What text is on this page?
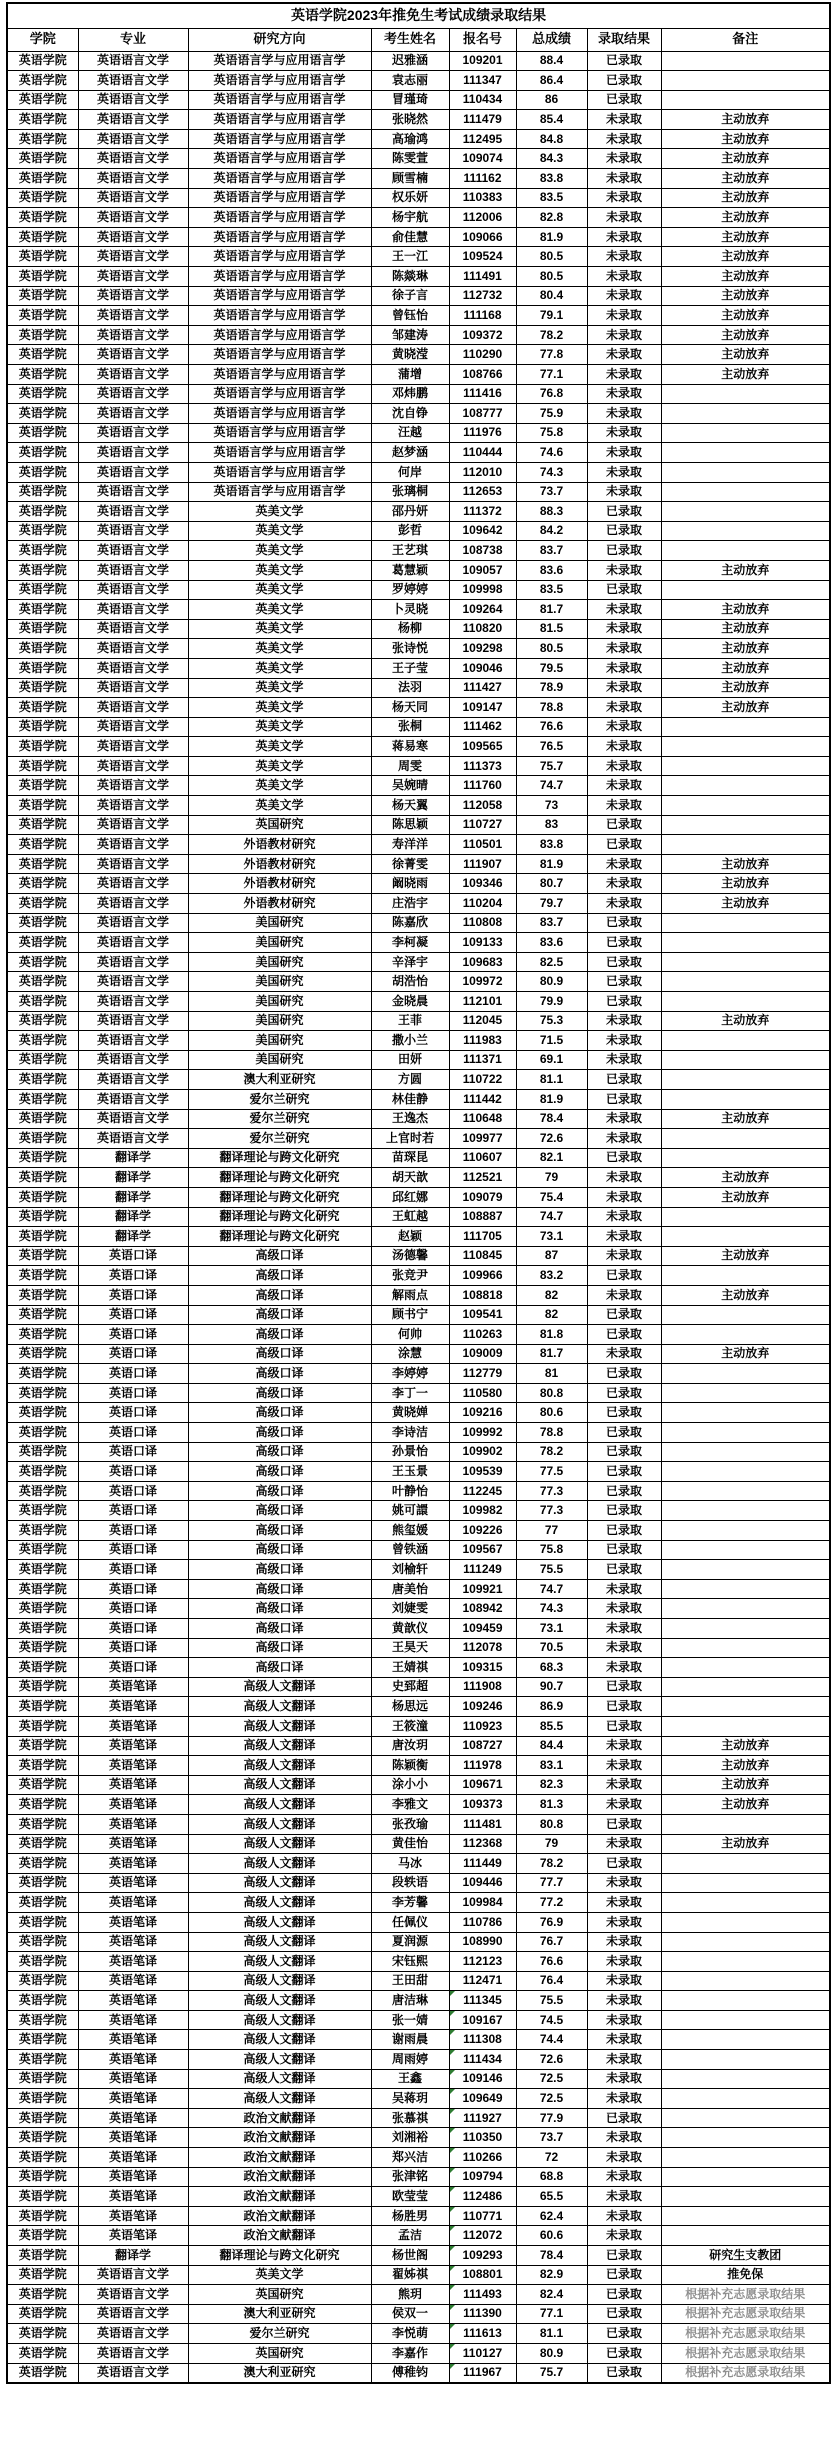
英语学院2023年推免生考试成绩录取结果							
学院	专业	研究方向	考生姓名	报名号	总成绩	录取结果	备注
英语学院	英语语言文学	英语语言学与应用语言学	迟雅涵	109201	88.4	已录取	
英语学院	英语语言文学	英语语言学与应用语言学	袁志丽	111347	86.4	已录取	
英语学院	英语语言文学	英语语言学与应用语言学	冒瑾琦	110434	86	已录取	
英语学院	英语语言文学	英语语言学与应用语言学	张晓然	111479	85.4	未录取	主动放弃
英语学院	英语语言文学	英语语言学与应用语言学	高瑜鸿	112495	84.8	未录取	主动放弃
英语学院	英语语言文学	英语语言学与应用语言学	陈雯萱	109074	84.3	未录取	主动放弃
英语学院	英语语言文学	英语语言学与应用语言学	顾雪楠	111162	83.8	未录取	主动放弃
英语学院	英语语言文学	英语语言学与应用语言学	权乐妍	110383	83.5	未录取	主动放弃
英语学院	英语语言文学	英语语言学与应用语言学	杨宇航	112006	82.8	未录取	主动放弃
英语学院	英语语言文学	英语语言学与应用语言学	俞佳慧	109066	81.9	未录取	主动放弃
英语学院	英语语言文学	英语语言学与应用语言学	王一江	109524	80.5	未录取	主动放弃
英语学院	英语语言文学	英语语言学与应用语言学	陈燚琳	111491	80.5	未录取	主动放弃
英语学院	英语语言文学	英语语言学与应用语言学	徐子言	112732	80.4	未录取	主动放弃
英语学院	英语语言文学	英语语言学与应用语言学	曾钰怡	111168	79.1	未录取	主动放弃
英语学院	英语语言文学	英语语言学与应用语言学	邹建涛	109372	78.2	未录取	主动放弃
英语学院	英语语言文学	英语语言学与应用语言学	黄晓滢	110290	77.8	未录取	主动放弃
英语学院	英语语言文学	英语语言学与应用语言学	蒲增	108766	77.1	未录取	主动放弃
英语学院	英语语言文学	英语语言学与应用语言学	邓炜鹏	111416	76.8	未录取	
英语学院	英语语言文学	英语语言学与应用语言学	沈自铮	108777	75.9	未录取	
英语学院	英语语言文学	英语语言学与应用语言学	汪越	111976	75.8	未录取	
英语学院	英语语言文学	英语语言学与应用语言学	赵梦涵	110444	74.6	未录取	
英语学院	英语语言文学	英语语言学与应用语言学	何岸	112010	74.3	未录取	
英语学院	英语语言文学	英语语言学与应用语言学	张璃桐	112653	73.7	未录取	
英语学院	英语语言文学	英美文学	邵丹妍	111372	88.3	已录取	
英语学院	英语语言文学	英美文学	彭哲	109642	84.2	已录取	
英语学院	英语语言文学	英美文学	王艺琪	108738	83.7	已录取	
英语学院	英语语言文学	英美文学	葛慧颖	109057	83.6	未录取	主动放弃
英语学院	英语语言文学	英美文学	罗婷婷	109998	83.5	已录取	
英语学院	英语语言文学	英美文学	卜灵晓	109264	81.7	未录取	主动放弃
英语学院	英语语言文学	英美文学	杨柳	110820	81.5	未录取	主动放弃
英语学院	英语语言文学	英美文学	张诗悦	109298	80.5	未录取	主动放弃
英语学院	英语语言文学	英美文学	王子莹	109046	79.5	未录取	主动放弃
英语学院	英语语言文学	英美文学	法羽	111427	78.9	未录取	主动放弃
英语学院	英语语言文学	英美文学	杨天同	109147	78.8	未录取	主动放弃
英语学院	英语语言文学	英美文学	张桐	111462	76.6	未录取	
英语学院	英语语言文学	英美文学	蒋易寒	109565	76.5	未录取	
英语学院	英语语言文学	英美文学	周雯	111373	75.7	未录取	
英语学院	英语语言文学	英美文学	吴婉晴	111760	74.7	未录取	
英语学院	英语语言文学	英美文学	杨天翼	112058	73	未录取	
英语学院	英语语言文学	英国研究	陈思颖	110727	83	已录取	
英语学院	英语语言文学	外语教材研究	寿洋洋	110501	83.8	已录取	
英语学院	英语语言文学	外语教材研究	徐菁雯	111907	81.9	未录取	主动放弃
英语学院	英语语言文学	外语教材研究	阚晓雨	109346	80.7	未录取	主动放弃
英语学院	英语语言文学	外语教材研究	庄浩宇	110204	79.7	未录取	主动放弃
英语学院	英语语言文学	美国研究	陈嘉欣	110808	83.7	已录取	
英语学院	英语语言文学	美国研究	李柯凝	109133	83.6	已录取	
英语学院	英语语言文学	美国研究	辛泽宇	109683	82.5	已录取	
英语学院	英语语言文学	美国研究	胡浩怡	109972	80.9	已录取	
英语学院	英语语言文学	美国研究	金晓晨	112101	79.9	已录取	
英语学院	英语语言文学	美国研究	王菲	112045	75.3	未录取	主动放弃
英语学院	英语语言文学	美国研究	撒小兰	111983	71.5	未录取	
英语学院	英语语言文学	美国研究	田妍	111371	69.1	未录取	
英语学院	英语语言文学	澳大利亚研究	方圆	110722	81.1	已录取	
英语学院	英语语言文学	爱尔兰研究	林佳静	111442	81.9	已录取	
英语学院	英语语言文学	爱尔兰研究	王逸杰	110648	78.4	未录取	主动放弃
英语学院	英语语言文学	爱尔兰研究	上官时若	109977	72.6	未录取	
英语学院	翻译学	翻译理论与跨文化研究	苗琛昆	110607	82.1	已录取	
英语学院	翻译学	翻译理论与跨文化研究	胡天歆	112521	79	未录取	主动放弃
英语学院	翻译学	翻译理论与跨文化研究	邱红娜	109079	75.4	未录取	主动放弃
英语学院	翻译学	翻译理论与跨文化研究	王虹越	108887	74.7	未录取	
英语学院	翻译学	翻译理论与跨文化研究	赵颖	111705	73.1	未录取	
英语学院	英语口译	高级口译	汤德馨	110845	87	未录取	主动放弃
英语学院	英语口译	高级口译	张竞尹	109966	83.2	已录取	
英语学院	英语口译	高级口译	解雨点	108818	82	未录取	主动放弃
英语学院	英语口译	高级口译	顾书宁	109541	82	已录取	
英语学院	英语口译	高级口译	何帅	110263	81.8	已录取	
英语学院	英语口译	高级口译	涂慧	109009	81.7	未录取	主动放弃
英语学院	英语口译	高级口译	李婷婷	112779	81	已录取	
英语学院	英语口译	高级口译	李丁一	110580	80.8	已录取	
英语学院	英语口译	高级口译	黄晓婵	109216	80.6	已录取	
英语学院	英语口译	高级口译	李诗洁	109992	78.8	已录取	
英语学院	英语口译	高级口译	孙景怡	109902	78.2	已录取	
英语学院	英语口译	高级口译	王玉景	109539	77.5	已录取	
英语学院	英语口译	高级口译	叶静怡	112245	77.3	已录取	
英语学院	英语口译	高级口译	姚可譞	109982	77.3	已录取	
英语学院	英语口译	高级口译	熊玺媛	109226	77	已录取	
英语学院	英语口译	高级口译	曾铁涵	109567	75.8	已录取	
英语学院	英语口译	高级口译	刘榆轩	111249	75.5	已录取	
英语学院	英语口译	高级口译	唐美怡	109921	74.7	未录取	
英语学院	英语口译	高级口译	刘婕雯	108942	74.3	未录取	
英语学院	英语口译	高级口译	黄歆仪	109459	73.1	未录取	
英语学院	英语口译	高级口译	王昊天	112078	70.5	未录取	
英语学院	英语口译	高级口译	王婧祺	109315	68.3	未录取	
英语学院	英语笔译	高级人文翻译	史郅超	111908	90.7	已录取	
英语学院	英语笔译	高级人文翻译	杨思远	109246	86.9	已录取	
英语学院	英语笔译	高级人文翻译	王筱潼	110923	85.5	已录取	
英语学院	英语笔译	高级人文翻译	唐汝玥	108727	84.4	未录取	主动放弃
英语学院	英语笔译	高级人文翻译	陈颖衡	111978	83.1	未录取	主动放弃
英语学院	英语笔译	高级人文翻译	涂小小	109671	82.3	未录取	主动放弃
英语学院	英语笔译	高级人文翻译	李雅文	109373	81.3	未录取	主动放弃
英语学院	英语笔译	高级人文翻译	张孜瑜	111481	80.8	已录取	
英语学院	英语笔译	高级人文翻译	黄佳怡	112368	79	未录取	主动放弃
英语学院	英语笔译	高级人文翻译	马冰	111449	78.2	已录取	
英语学院	英语笔译	高级人文翻译	段轶语	109446	77.7	未录取	
英语学院	英语笔译	高级人文翻译	李芳馨	109984	77.2	未录取	
英语学院	英语笔译	高级人文翻译	任佩仪	110786	76.9	未录取	
英语学院	英语笔译	高级人文翻译	夏润源	108990	76.7	未录取	
英语学院	英语笔译	高级人文翻译	宋钰熙	112123	76.6	未录取	
英语学院	英语笔译	高级人文翻译	王田甜	112471	76.4	未录取	
英语学院	英语笔译	高级人文翻译	唐洁琳	111345	75.5	未录取	
英语学院	英语笔译	高级人文翻译	张一婧	109167	74.5	未录取	
英语学院	英语笔译	高级人文翻译	谢雨晨	111308	74.4	未录取	
英语学院	英语笔译	高级人文翻译	周雨婷	111434	72.6	未录取	
英语学院	英语笔译	高级人文翻译	王鑫	109146	72.5	未录取	
英语学院	英语笔译	高级人文翻译	吴蒋玥	109649	72.5	未录取	
英语学院	英语笔译	政治文献翻译	张慕祺	111927	77.9	已录取	
英语学院	英语笔译	政治文献翻译	刘湘裕	110350	73.7	未录取	
英语学院	英语笔译	政治文献翻译	郑兴洁	110266	72	未录取	
英语学院	英语笔译	政治文献翻译	张津铭	109794	68.8	未录取	
英语学院	英语笔译	政治文献翻译	欧莹莹	112486	65.5	未录取	
英语学院	英语笔译	政治文献翻译	杨胜男	110771	62.4	未录取	
英语学院	英语笔译	政治文献翻译	孟洁	112072	60.6	未录取	
英语学院	翻译学	翻译理论与跨文化研究	杨世阁	109293	78.4	已录取	研究生支教团
英语学院	英语语言文学	英美文学	翟姊祺	108801	82.9	已录取	推免保
英语学院	英语语言文学	英国研究	熊玥	111493	82.4	已录取	根据补充志愿录取结果
英语学院	英语语言文学	澳大利亚研究	侯双一	111390	77.1	已录取	根据补充志愿录取结果
英语学院	英语语言文学	爱尔兰研究	李悦萌	111613	81.1	已录取	根据补充志愿录取结果
英语学院	英语语言文学	英国研究	李嘉作	110127	80.9	已录取	根据补充志愿录取结果
英语学院	英语语言文学	澳大利亚研究	傅稚钧	111967	75.7	已录取	根据补充志愿录取结果
